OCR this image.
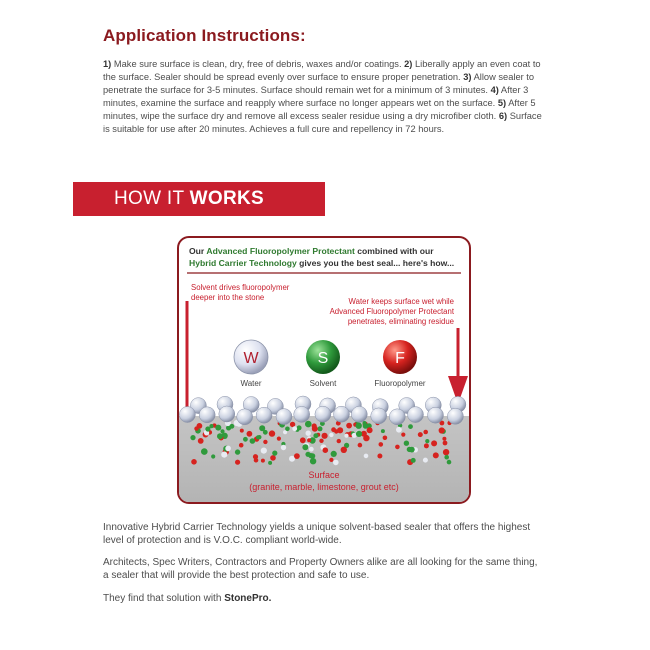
Application Instructions:
1) Make sure surface is clean, dry, free of debris, waxes and/or coatings. 2) Liberally apply an even coat to the surface. Sealer should be spread evenly over surface to ensure proper penetration. 3) Allow sealer to penetrate the surface for 3-5 minutes. Surface should remain wet for a minimum of 3 minutes. 4) After 3 minutes, examine the surface and reapply where surface no longer appears wet on the surface. 5) After 5 minutes, wipe the surface dry and remove all excess sealer residue using a dry microfiber cloth. 6) Surface is suitable for use after 20 minutes. Achieves a full cure and repellency in 72 hours.
HOW IT WORKS
Our Advanced Fluoropolymer Protectant combined with our
Hybrid Carrier Technology gives you the best seal... here's how...
Solvent drives fluoropolymer
deeper into the stone	Water keeps surface wet while
Advanced Fluoropolymer Protectant
penetrates, eliminating residue
W
Water
S
Solvent
F
Fluoropolymer
Surface
(granite, marble, limestone, grout etc)
Innovative Hybrid Carrier Technology yields a unique solvent-based sealer that offers the highest level of protection and is V.O.C. compliant world-wide.
Architects, Spec Writers, Contractors and Property Owners alike are all looking for the same thing, a sealer that will provide the best protection and safe to use.
They find that solution with StonePro.
